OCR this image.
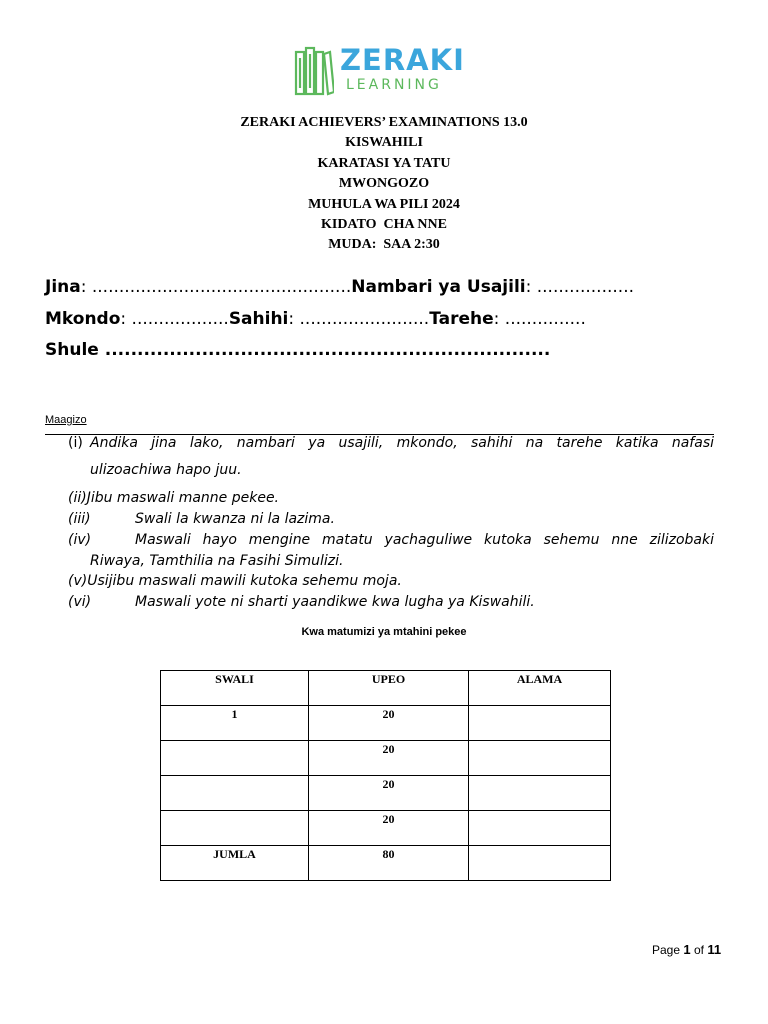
ZERAKI
LEARNING
ZERAKI ACHIEVERS’ EXAMINATIONS 13.0
KISWAHILI
KARATASI YA TATU
MWONGOZO
MUHULA WA PILI 2024
KIDATO  CHA NNE
MUDA:  SAA 2:30
Jina: ................................................Nambari ya Usajili: ..................
Mkondo: ..................Sahihi: ........................Tarehe: ...............
Shule .....................................................................
Maagizo
(i) Andika jina lako, nambari ya usajili, mkondo, sahihi na tarehe katika nafasi
ulizoachiwa hapo juu.
(ii)Jibu maswali manne pekee.
(iii)	Swali la kwanza ni la lazima.
(iv)	Maswali hayo mengine matatu yachaguliwe kutoka sehemu nne zilizobaki
Riwaya, Tamthilia na Fasihi Simulizi.
(v)Usijibu maswali mawili kutoka sehemu moja.
(vi)	Maswali yote ni sharti yaandikwe kwa lugha ya Kiswahili.
Kwa matumizi ya mtahini pekee
SWALI	UPEO	ALAMA
1	20	
	20	
	20	
	20	
JUMLA	80	
Page 1 of 11
